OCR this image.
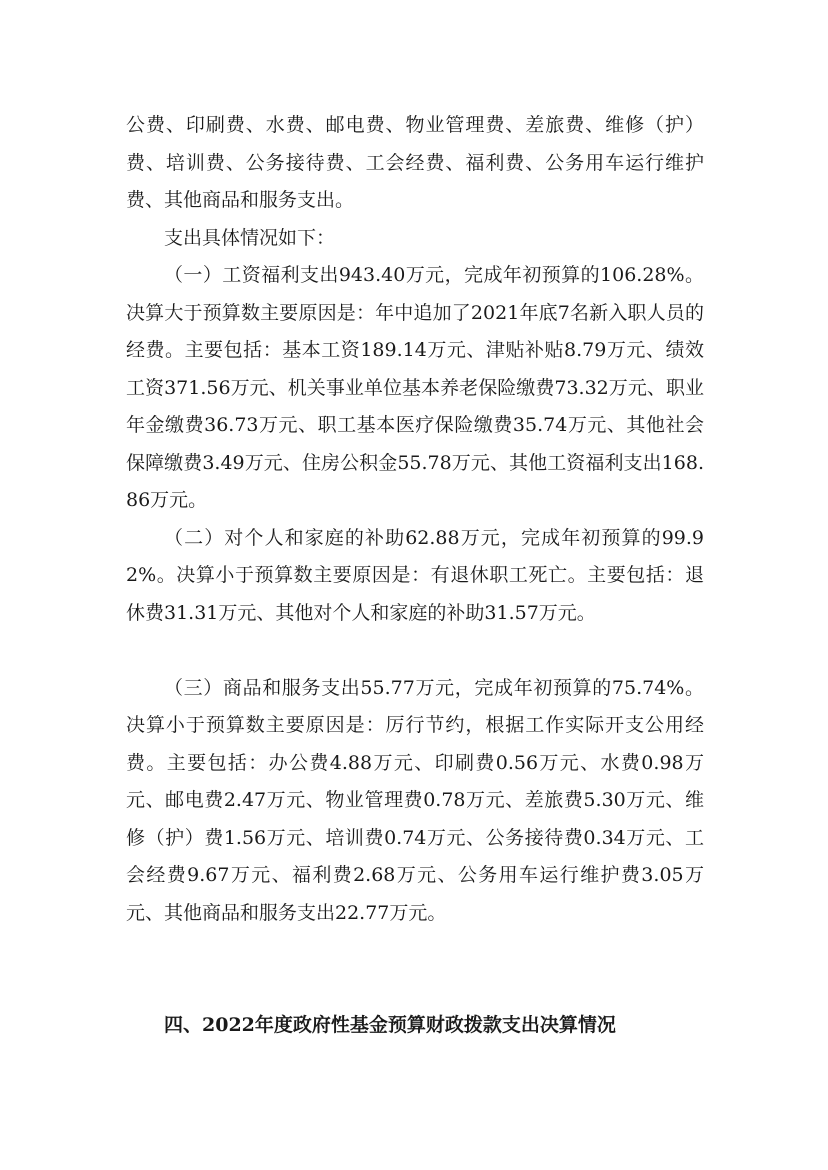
公费、印刷费、水费、邮电费、物业管理费、差旅费、维修（护）费、培训费、公务接待费、工会经费、福利费、公务用车运行维护费、其他商品和服务支出。

支出具体情况如下：

（一）工资福利支出943.40万元，完成年初预算的106.28%。决算大于预算数主要原因是：年中追加了2021年底7名新入职人员的经费。主要包括：基本工资189.14万元、津贴补贴8.79万元、绩效工资371.56万元、机关事业单位基本养老保险缴费73.32万元、职业年金缴费36.73万元、职工基本医疗保险缴费35.74万元、其他社会保障缴费3.49万元、住房公积金55.78万元、其他工资福利支出168.86万元。

（二）对个人和家庭的补助62.88万元，完成年初预算的99.92%。决算小于预算数主要原因是：有退休职工死亡。主要包括：退休费31.31万元、其他对个人和家庭的补助31.57万元。

（三）商品和服务支出55.77万元，完成年初预算的75.74%。决算小于预算数主要原因是：厉行节约，根据工作实际开支公用经费。主要包括：办公费4.88万元、印刷费0.56万元、水费0.98万元、邮电费2.47万元、物业管理费0.78万元、差旅费5.30万元、维修（护）费1.56万元、培训费0.74万元、公务接待费0.34万元、工会经费9.67万元、福利费2.68万元、公务用车运行维护费3.05万元、其他商品和服务支出22.77万元。

四、2022年度政府性基金预算财政拨款支出决算情况
